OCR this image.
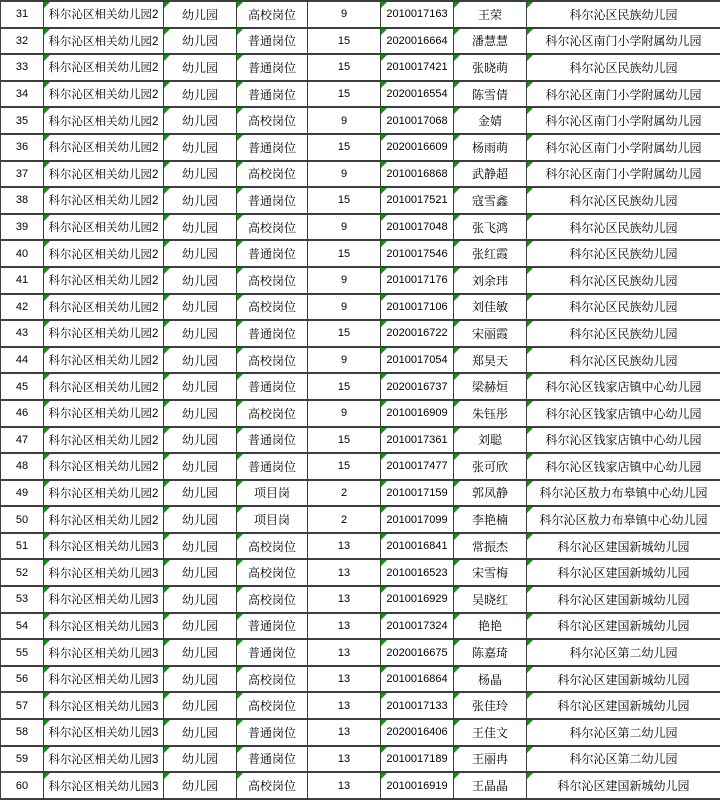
31	科尔沁区相关幼儿园2	幼儿园	高校岗位	9	2010017163	王荣	科尔沁区民族幼儿园
32	科尔沁区相关幼儿园2	幼儿园	普通岗位	15	2020016664	潘慧慧	科尔沁区南门小学附属幼儿园
33	科尔沁区相关幼儿园2	幼儿园	普通岗位	15	2010017421	张晓萌	科尔沁区民族幼儿园
34	科尔沁区相关幼儿园2	幼儿园	普通岗位	15	2020016554	陈雪倩	科尔沁区南门小学附属幼儿园
35	科尔沁区相关幼儿园2	幼儿园	高校岗位	9	2010017068	金婧	科尔沁区南门小学附属幼儿园
36	科尔沁区相关幼儿园2	幼儿园	普通岗位	15	2020016609	杨雨萌	科尔沁区南门小学附属幼儿园
37	科尔沁区相关幼儿园2	幼儿园	高校岗位	9	2010016868	武静超	科尔沁区南门小学附属幼儿园
38	科尔沁区相关幼儿园2	幼儿园	普通岗位	15	2010017521	寇雪鑫	科尔沁区民族幼儿园
39	科尔沁区相关幼儿园2	幼儿园	高校岗位	9	2010017048	张飞鸿	科尔沁区民族幼儿园
40	科尔沁区相关幼儿园2	幼儿园	普通岗位	15	2010017546	张红霞	科尔沁区民族幼儿园
41	科尔沁区相关幼儿园2	幼儿园	高校岗位	9	2010017176	刘余玮	科尔沁区民族幼儿园
42	科尔沁区相关幼儿园2	幼儿园	高校岗位	9	2010017106	刘佳敏	科尔沁区民族幼儿园
43	科尔沁区相关幼儿园2	幼儿园	普通岗位	15	2020016722	宋丽霞	科尔沁区民族幼儿园
44	科尔沁区相关幼儿园2	幼儿园	高校岗位	9	2010017054	郑昊天	科尔沁区民族幼儿园
45	科尔沁区相关幼儿园2	幼儿园	普通岗位	15	2020016737	梁赫烜	科尔沁区钱家店镇中心幼儿园
46	科尔沁区相关幼儿园2	幼儿园	高校岗位	9	2010016909	朱钰彤	科尔沁区钱家店镇中心幼儿园
47	科尔沁区相关幼儿园2	幼儿园	普通岗位	15	2010017361	刘聪	科尔沁区钱家店镇中心幼儿园
48	科尔沁区相关幼儿园2	幼儿园	普通岗位	15	2010017477	张可欣	科尔沁区钱家店镇中心幼儿园
49	科尔沁区相关幼儿园2	幼儿园	项目岗	2	2010017159	郭凤静	科尔沁区敖力布皋镇中心幼儿园
50	科尔沁区相关幼儿园2	幼儿园	项目岗	2	2010017099	李艳楠	科尔沁区敖力布皋镇中心幼儿园
51	科尔沁区相关幼儿园3	幼儿园	高校岗位	13	2010016841	常振杰	科尔沁区建国新城幼儿园
52	科尔沁区相关幼儿园3	幼儿园	高校岗位	13	2010016523	宋雪梅	科尔沁区建国新城幼儿园
53	科尔沁区相关幼儿园3	幼儿园	高校岗位	13	2010016929	吴晓红	科尔沁区建国新城幼儿园
54	科尔沁区相关幼儿园3	幼儿园	普通岗位	13	2010017324	艳艳	科尔沁区建国新城幼儿园
55	科尔沁区相关幼儿园3	幼儿园	普通岗位	13	2020016675	陈嘉琦	科尔沁区第二幼儿园
56	科尔沁区相关幼儿园3	幼儿园	高校岗位	13	2010016864	杨晶	科尔沁区建国新城幼儿园
57	科尔沁区相关幼儿园3	幼儿园	高校岗位	13	2010017133	张佳玲	科尔沁区建国新城幼儿园
58	科尔沁区相关幼儿园3	幼儿园	普通岗位	13	2020016406	王佳文	科尔沁区第二幼儿园
59	科尔沁区相关幼儿园3	幼儿园	普通岗位	13	2010017189	王丽冉	科尔沁区第二幼儿园
60	科尔沁区相关幼儿园3	幼儿园	高校岗位	13	2010016919	王晶晶	科尔沁区建国新城幼儿园
